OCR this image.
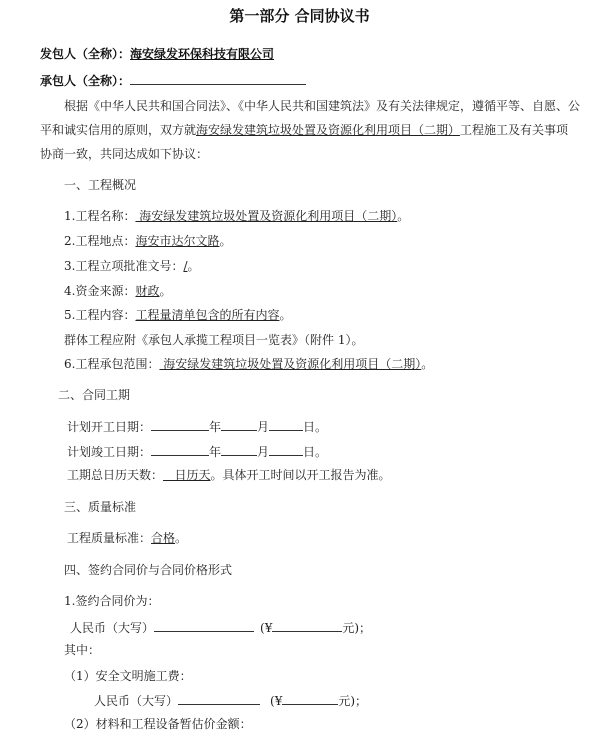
第一部分 合同协议书
发包人（全称）：海安绿发环保科技有限公司
承包人（全称）：
根据《中华人民共和国合同法》、《中华人民共和国建筑法》及有关法律规定，遵循平等、自愿、公平和诚实信用的原则，双方就海安绿发建筑垃圾处置及资源化利用项目（二期）工程施工及有关事项协商一致，共同达成如下协议：
一、工程概况
1.工程名称： 海安绿发建筑垃圾处置及资源化利用项目（二期）。
2.工程地点：海安市达尔文路。
3.工程立项批准文号：/。
4.资金来源：财政。
5.工程内容：工程量清单包含的所有内容。
群体工程应附《承包人承揽工程项目一览表》（附件 1）。
6.工程承包范围： 海安绿发建筑垃圾处置及资源化利用项目（二期）。
二、合同工期
计划开工日期：	年	月	日。
计划竣工日期：	年	月	日。
工期总日历天数：   日历天。具体开工时间以开工报告为准。
三、质量标准
工程质量标准：合格。
四、签约合同价与合同价格形式
1.签约合同价为：
人民币（大写）	(¥	元)；
其中：
（1）安全文明施工费：
人民币（大写）	(¥	元)；
（2）材料和工程设备暂估价金额：
